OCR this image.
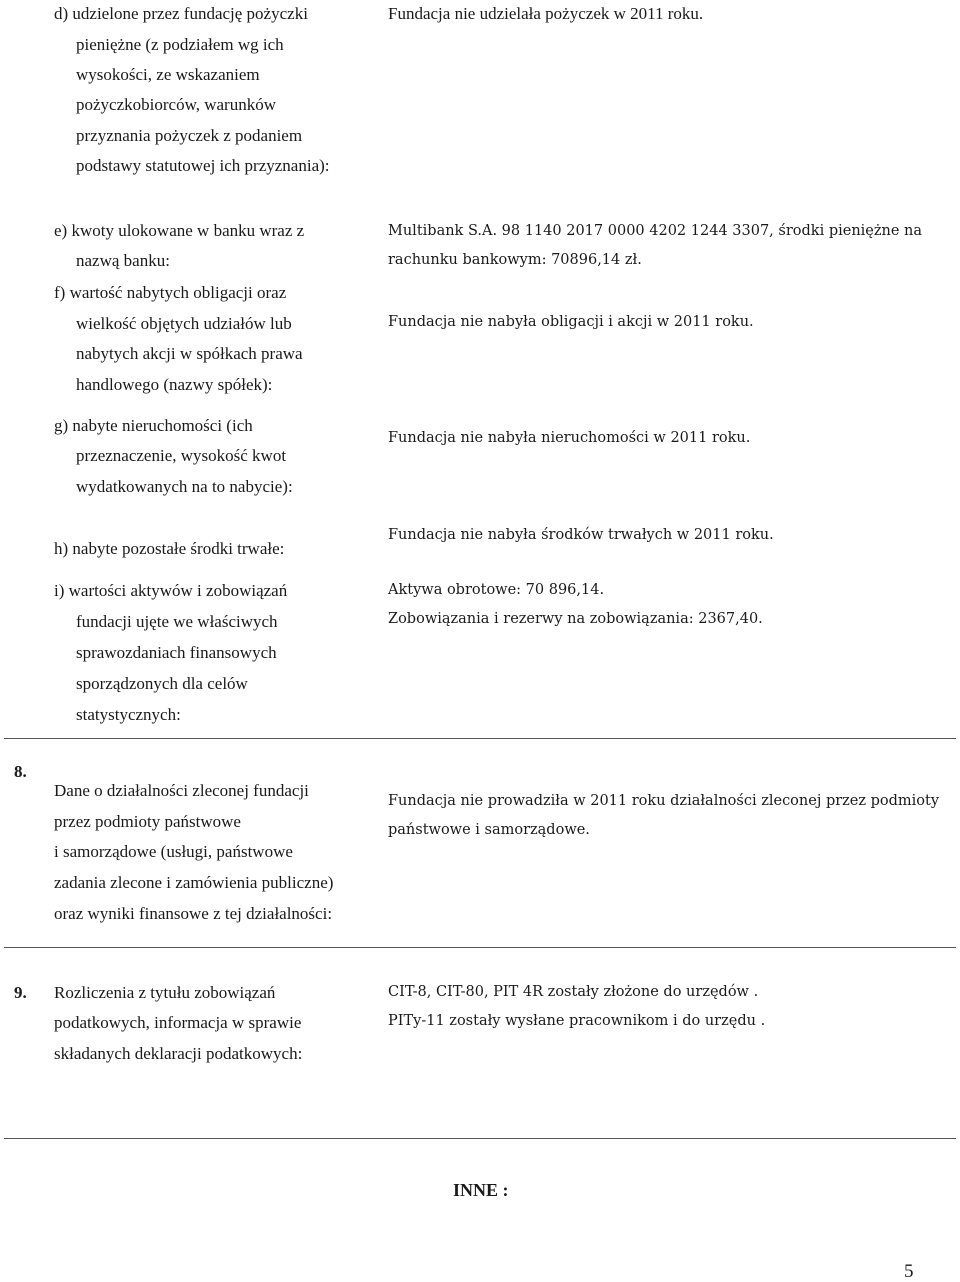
d) udzielone przez fundację pożyczki
pieniężne (z podziałem wg ich
wysokości, ze wskazaniem
pożyczkobiorców, warunków
przyznania pożyczek z podaniem
podstawy statutowej ich przyznania):
Fundacja nie udzielała pożyczek w 2011 roku.
e) kwoty ulokowane w banku wraz z
nazwą banku:
Multibank S.A. 98 1140 2017 0000 4202 1244 3307, środki pieniężne na
rachunku bankowym: 70896,14 zł.
f) wartość nabytych obligacji oraz
wielkość objętych udziałów lub
nabytych akcji w spółkach prawa
handlowego (nazwy spółek):
Fundacja nie nabyła obligacji i akcji w 2011 roku.
g) nabyte nieruchomości (ich
przeznaczenie, wysokość kwot
wydatkowanych na to nabycie):
Fundacja nie nabyła nieruchomości w 2011 roku.
h) nabyte pozostałe środki trwałe:
Fundacja nie nabyła środków trwałych w 2011 roku.
i) wartości aktywów i zobowiązań
fundacji ujęte we właściwych
sprawozdaniach finansowych
sporządzonych dla celów
statystycznych:
Aktywa obrotowe: 70 896,14.
Zobowiązania i rezerwy na zobowiązania: 2367,40.
8.
Dane o działalności zleconej fundacji
przez podmioty państwowe
i samorządowe (usługi, państwowe
zadania zlecone i zamówienia publiczne)
oraz wyniki finansowe z tej działalności:
Fundacja nie prowadziła w 2011 roku działalności zleconej przez podmioty
państwowe i samorządowe.
9. Rozliczenia z tytułu zobowiązań
podatkowych, informacja w sprawie
składanych deklaracji podatkowych:
CIT-8, CIT-80, PIT 4R zostały złożone do urzędów .
PITy-11 zostały wysłane pracownikom i do urzędu .
INNE :
5
